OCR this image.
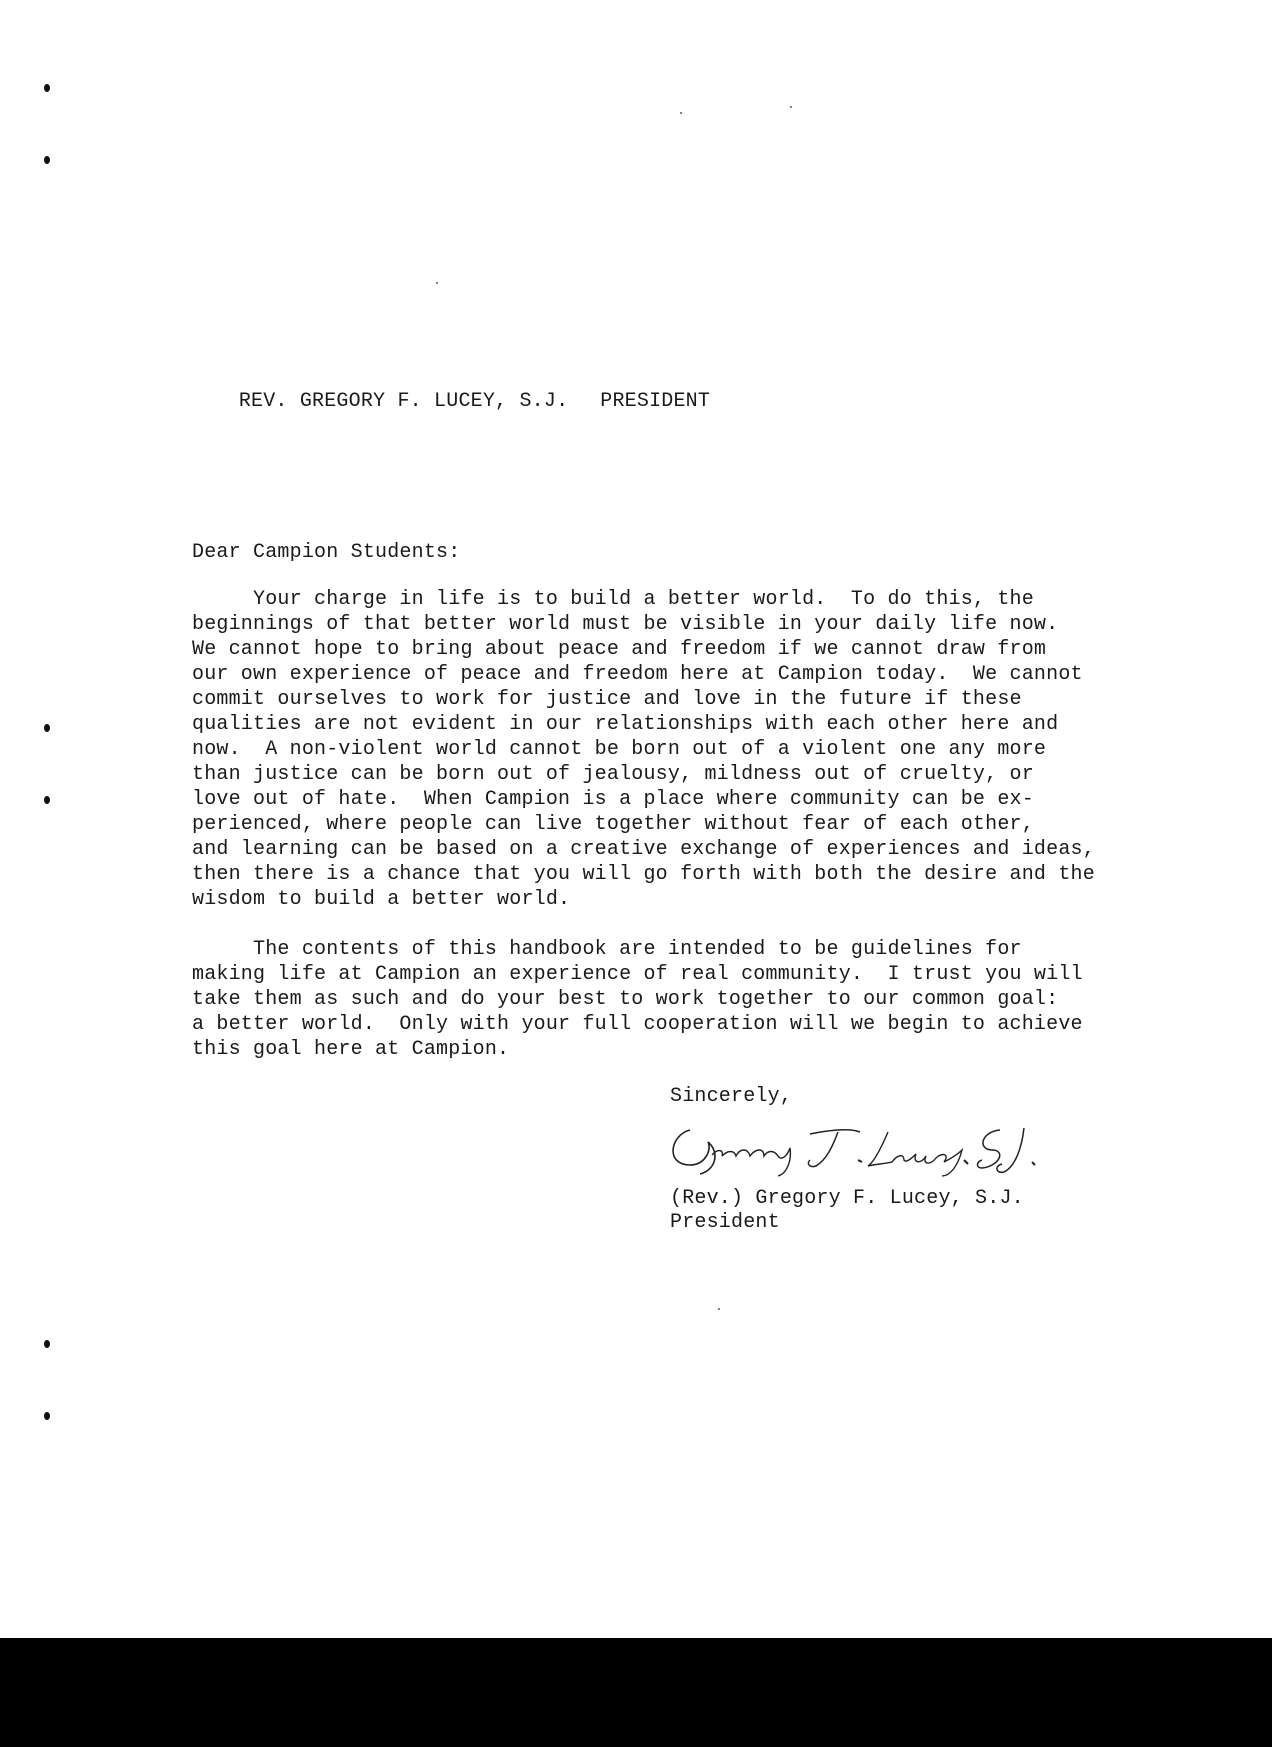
REV. GREGORY F. LUCEY, S.J. PRESIDENT

Dear Campion Students:
Your charge in life is to build a better world.  To do this, the
beginnings of that better world must be visible in your daily life now.
We cannot hope to bring about peace and freedom if we cannot draw from
our own experience of peace and freedom here at Campion today.  We cannot
commit ourselves to work for justice and love in the future if these
qualities are not evident in our relationships with each other here and
now.  A non-violent world cannot be born out of a violent one any more
than justice can be born out of jealousy, mildness out of cruelty, or
love out of hate.  When Campion is a place where community can be ex-
perienced, where people can live together without fear of each other,
and learning can be based on a creative exchange of experiences and ideas,
then there is a chance that you will go forth with both the desire and the
wisdom to build a better world.
The contents of this handbook are intended to be guidelines for
making life at Campion an experience of real community.  I trust you will
take them as such and do your best to work together to our common goal:
a better world.  Only with your full cooperation will we begin to achieve
this goal here at Campion.
Sincerely,
(Rev.) Gregory F. Lucey, S.J.
President
